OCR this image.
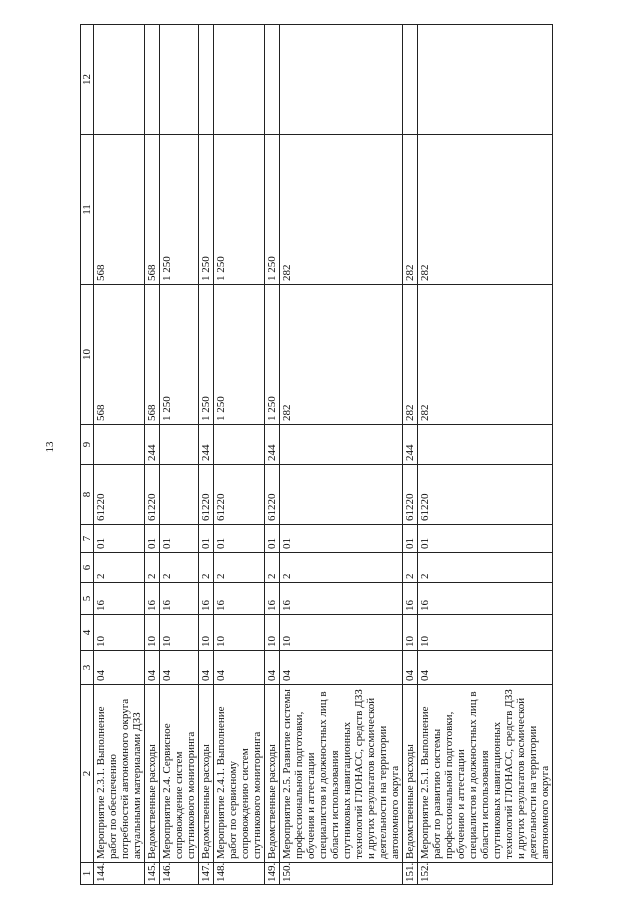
13
1	2	3	4	5	6	7	8	9	10	11	12
144.	Мероприятие 2.3.1. Выполнение работ по обеспечению потребностей автономного округа актуальными материалами ДЗЗ	04	10	16	2	01	61220		568	568	
145.	Ведомственные расходы	04	10	16	2	01	61220	244	568	568	
146.	Мероприятие 2.4. Сервисное сопровождение систем спутникового мониторинга	04	10	16	2	01			1 250	1 250	
147.	Ведомственные расходы	04	10	16	2	01	61220	244	1 250	1 250	
148.	Мероприятие 2.4.1. Выполнение работ по сервисному сопровождению систем спутникового мониторинга	04	10	16	2	01	61220		1 250	1 250	
149.	Ведомственные расходы	04	10	16	2	01	61220	244	1 250	1 250	
150.	Мероприятие 2.5. Развитие системы профессиональной подготовки, обучения и аттестации специалистов и должностных лиц в области использования спутниковых навигационных технологий ГЛОНАСС, средств ДЗЗ и других результатов космической деятельности на территории автономного округа	04	10	16	2	01			282	282	
151.	Ведомственные расходы	04	10	16	2	01	61220	244	282	282	
152.	Мероприятие 2.5.1. Выполнение работ по развитию системы профессиональной подготовки, обучению и аттестации специалистов и должностных лиц в области использования спутниковых навигационных технологий ГЛОНАСС, средств ДЗЗ и других результатов космической деятельности на территории автономного округа	04	10	16	2	01	61220		282	282	
